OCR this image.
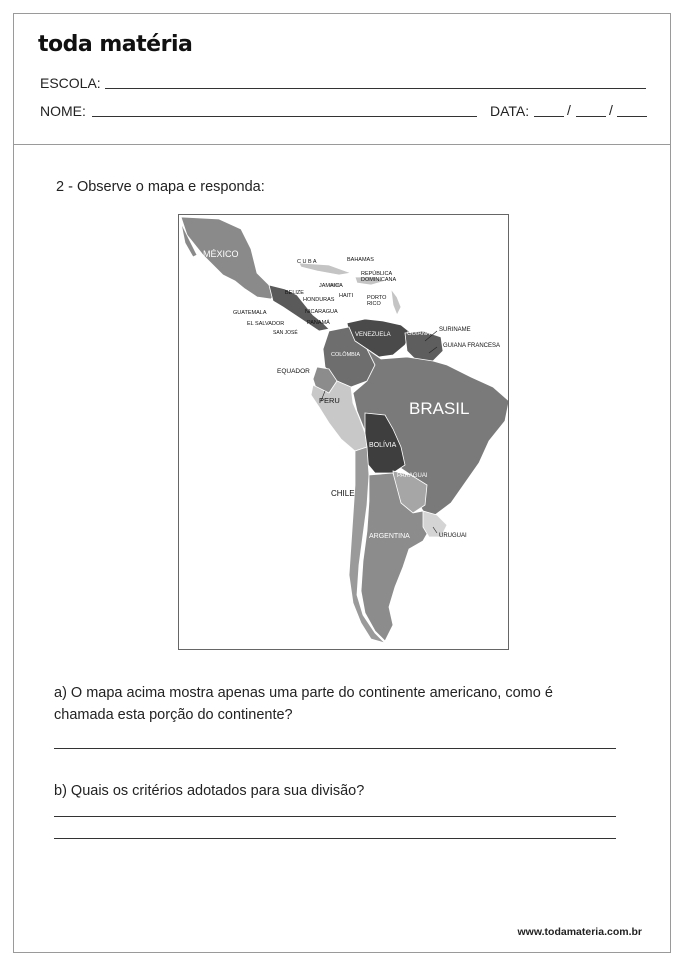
toda matéria
ESCOLA:
NOME:	DATA:	/	/
2 - Observe o mapa e responda:
MÉXICO
C U B A	BAHAMAS
REPÚBLICA
DOMINICANA
JAMAICA
HAITI
BELIZE
HONDURAS	PORTO
RICO
GUATEMALA	NICARAGUA
EL SALVADOR	PANAMÁ
SAN JOSÉ	VENEZUELA	GUIANA
SURINAME
GUIANA FRANCESA
COLÔMBIA
EQUADOR
PERU	BRASIL
BOLÍVIA
PARAGUAI
CHILE
ARGENTINA	URUGUAI
a) O mapa acima mostra apenas uma parte do continente americano, como é chamada esta porção do continente?
b) Quais os critérios adotados para sua divisão?
www.todamateria.com.br
